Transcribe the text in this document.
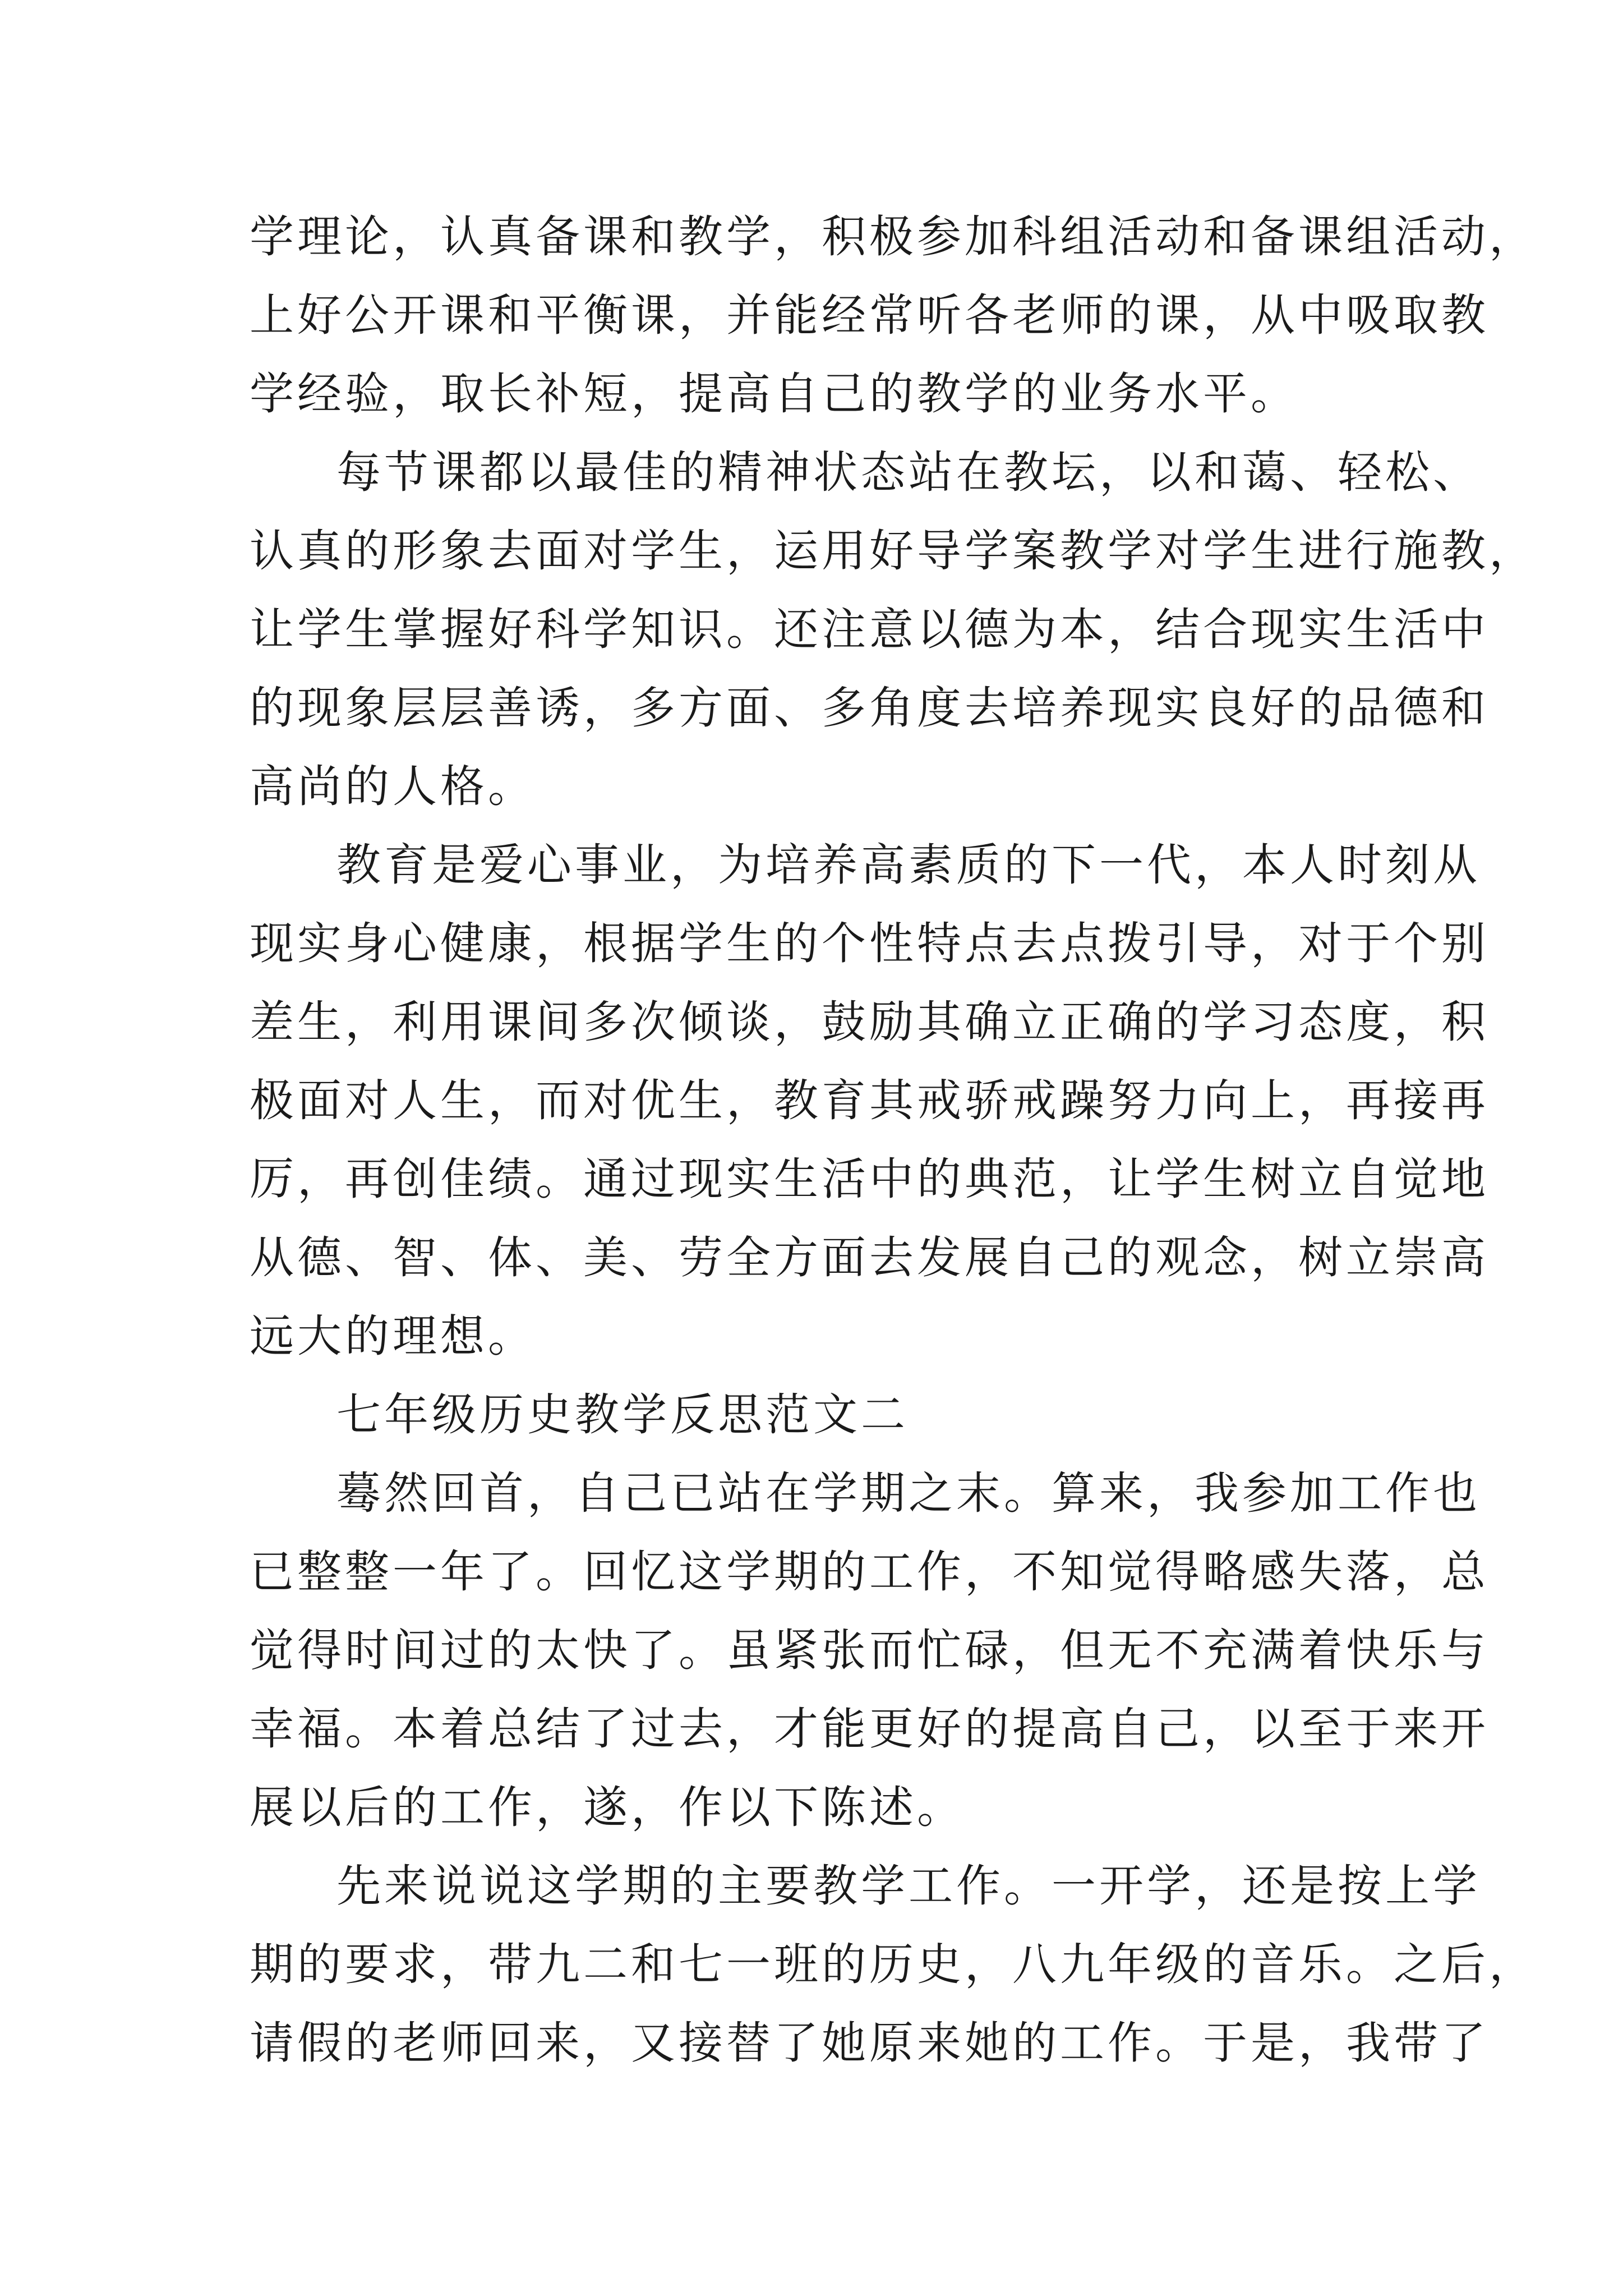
学理论，认真备课和教学，积极参加科组活动和备课组活动，
上好公开课和平衡课，并能经常听各老师的课，从中吸取教
学经验，取长补短，提高自己的教学的业务水平。
每节课都以最佳的精神状态站在教坛，以和蔼、轻松、
认真的形象去面对学生，运用好导学案教学对学生进行施教，
让学生掌握好科学知识。还注意以德为本，结合现实生活中
的现象层层善诱，多方面、多角度去培养现实良好的品德和
高尚的人格。
教育是爱心事业，为培养高素质的下一代，本人时刻从
现实身心健康，根据学生的个性特点去点拨引导，对于个别
差生，利用课间多次倾谈，鼓励其确立正确的学习态度，积
极面对人生，而对优生，教育其戒骄戒躁努力向上，再接再
厉，再创佳绩。通过现实生活中的典范，让学生树立自觉地
从德、智、体、美、劳全方面去发展自己的观念，树立崇高
远大的理想。
七年级历史教学反思范文二
蓦然回首，自己已站在学期之末。算来，我参加工作也
已整整一年了。回忆这学期的工作，不知觉得略感失落，总
觉得时间过的太快了。虽紧张而忙碌，但无不充满着快乐与
幸福。本着总结了过去，才能更好的提高自己，以至于来开
展以后的工作，遂，作以下陈述。
先来说说这学期的主要教学工作。一开学，还是按上学
期的要求，带九二和七一班的历史，八九年级的音乐。之后，
请假的老师回来，又接替了她原来她的工作。于是，我带了
